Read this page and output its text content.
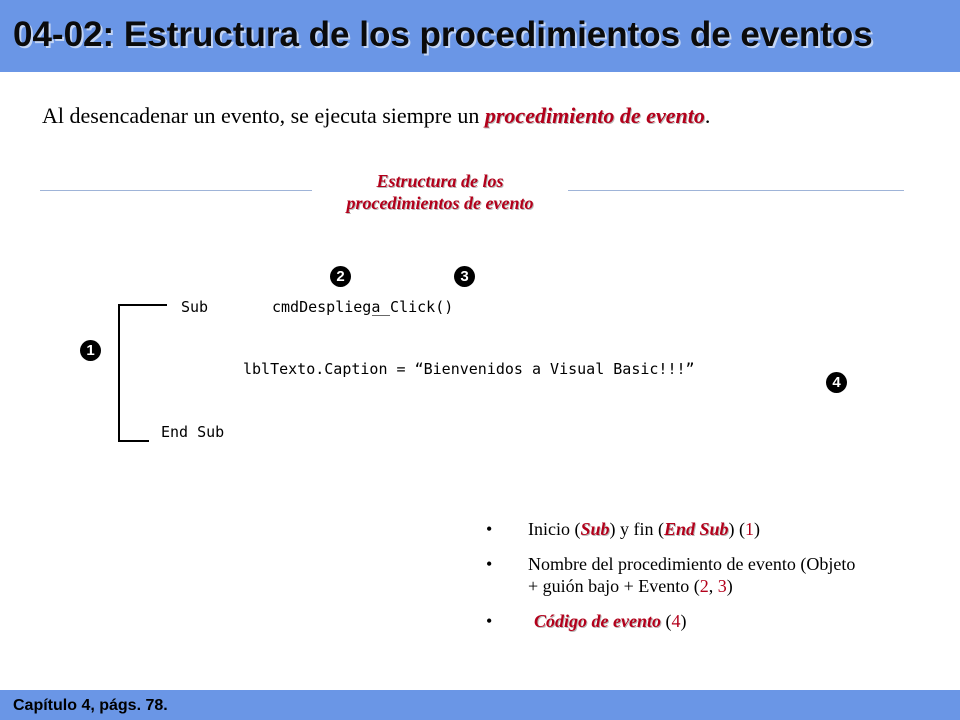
04-02: Estructura de los procedimientos de eventos
Al desencadenar un evento, se ejecuta siempre un procedimiento de evento.
Estructura de los
procedimientos de evento
Sub	cmdDespliega
__Click()
lblTexto.Caption = “Bienvenidos a Visual Basic!!!”
End Sub
1
2	3
4
• Inicio (Sub) y fin (End Sub) (1)
• Nombre del procedimiento de evento (Objeto
+ guión bajo + Evento (2, 3)
• Código de evento (4)
Capítulo 4, págs. 78.
